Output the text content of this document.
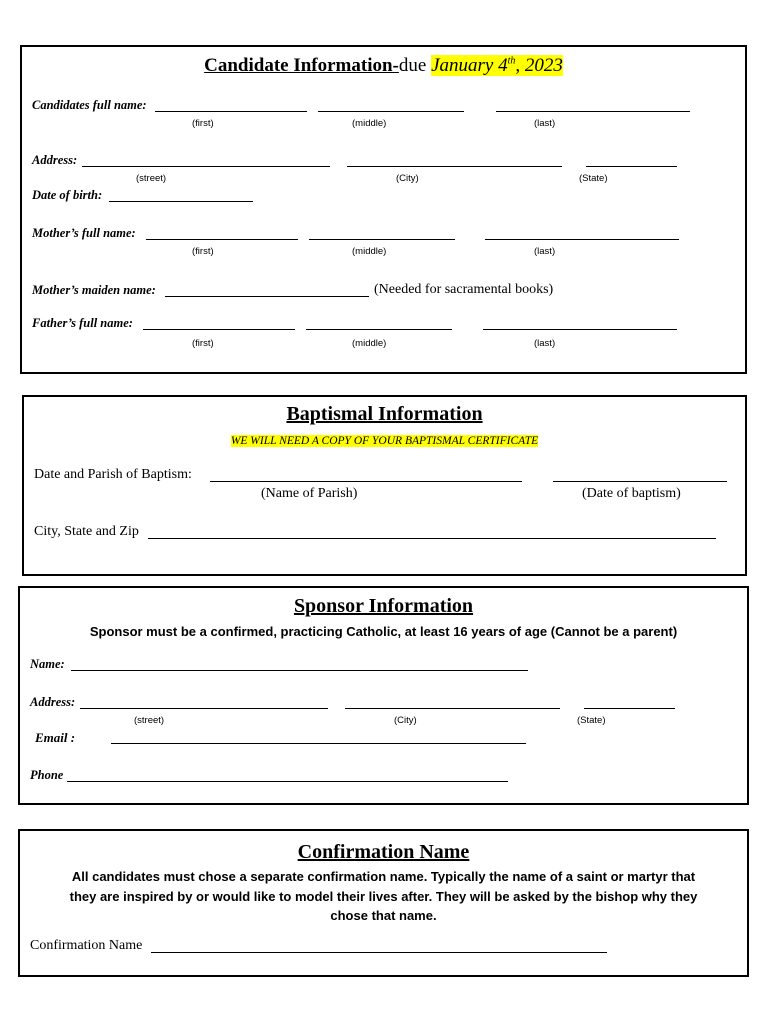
Candidate Information-due January 4th, 2023
Candidates full name:
(first)	(middle)	(last)
Address:
(street)	(City)	(State)
Date of birth:
Mother’s full name:
(first)	(middle)	(last)
Mother’s maiden name:	(Needed for sacramental books)
Father’s full name:
(first)	(middle)	(last)
Baptismal Information
WE WILL NEED A COPY OF YOUR BAPTISMAL CERTIFICATE
Date and Parish of Baptism:
(Name of Parish)	(Date of baptism)
City, State and Zip
Sponsor Information
Sponsor must be a confirmed, practicing Catholic, at least 16 years of age (Cannot be a parent)
Name:
Address:
(street)	(City)	(State)
Email :
Phone
Confirmation Name
All candidates must chose a separate confirmation name. Typically the name of a saint or martyr that
they are inspired by or would like to model their lives after. They will be asked by the bishop why they
chose that name.
Confirmation Name
